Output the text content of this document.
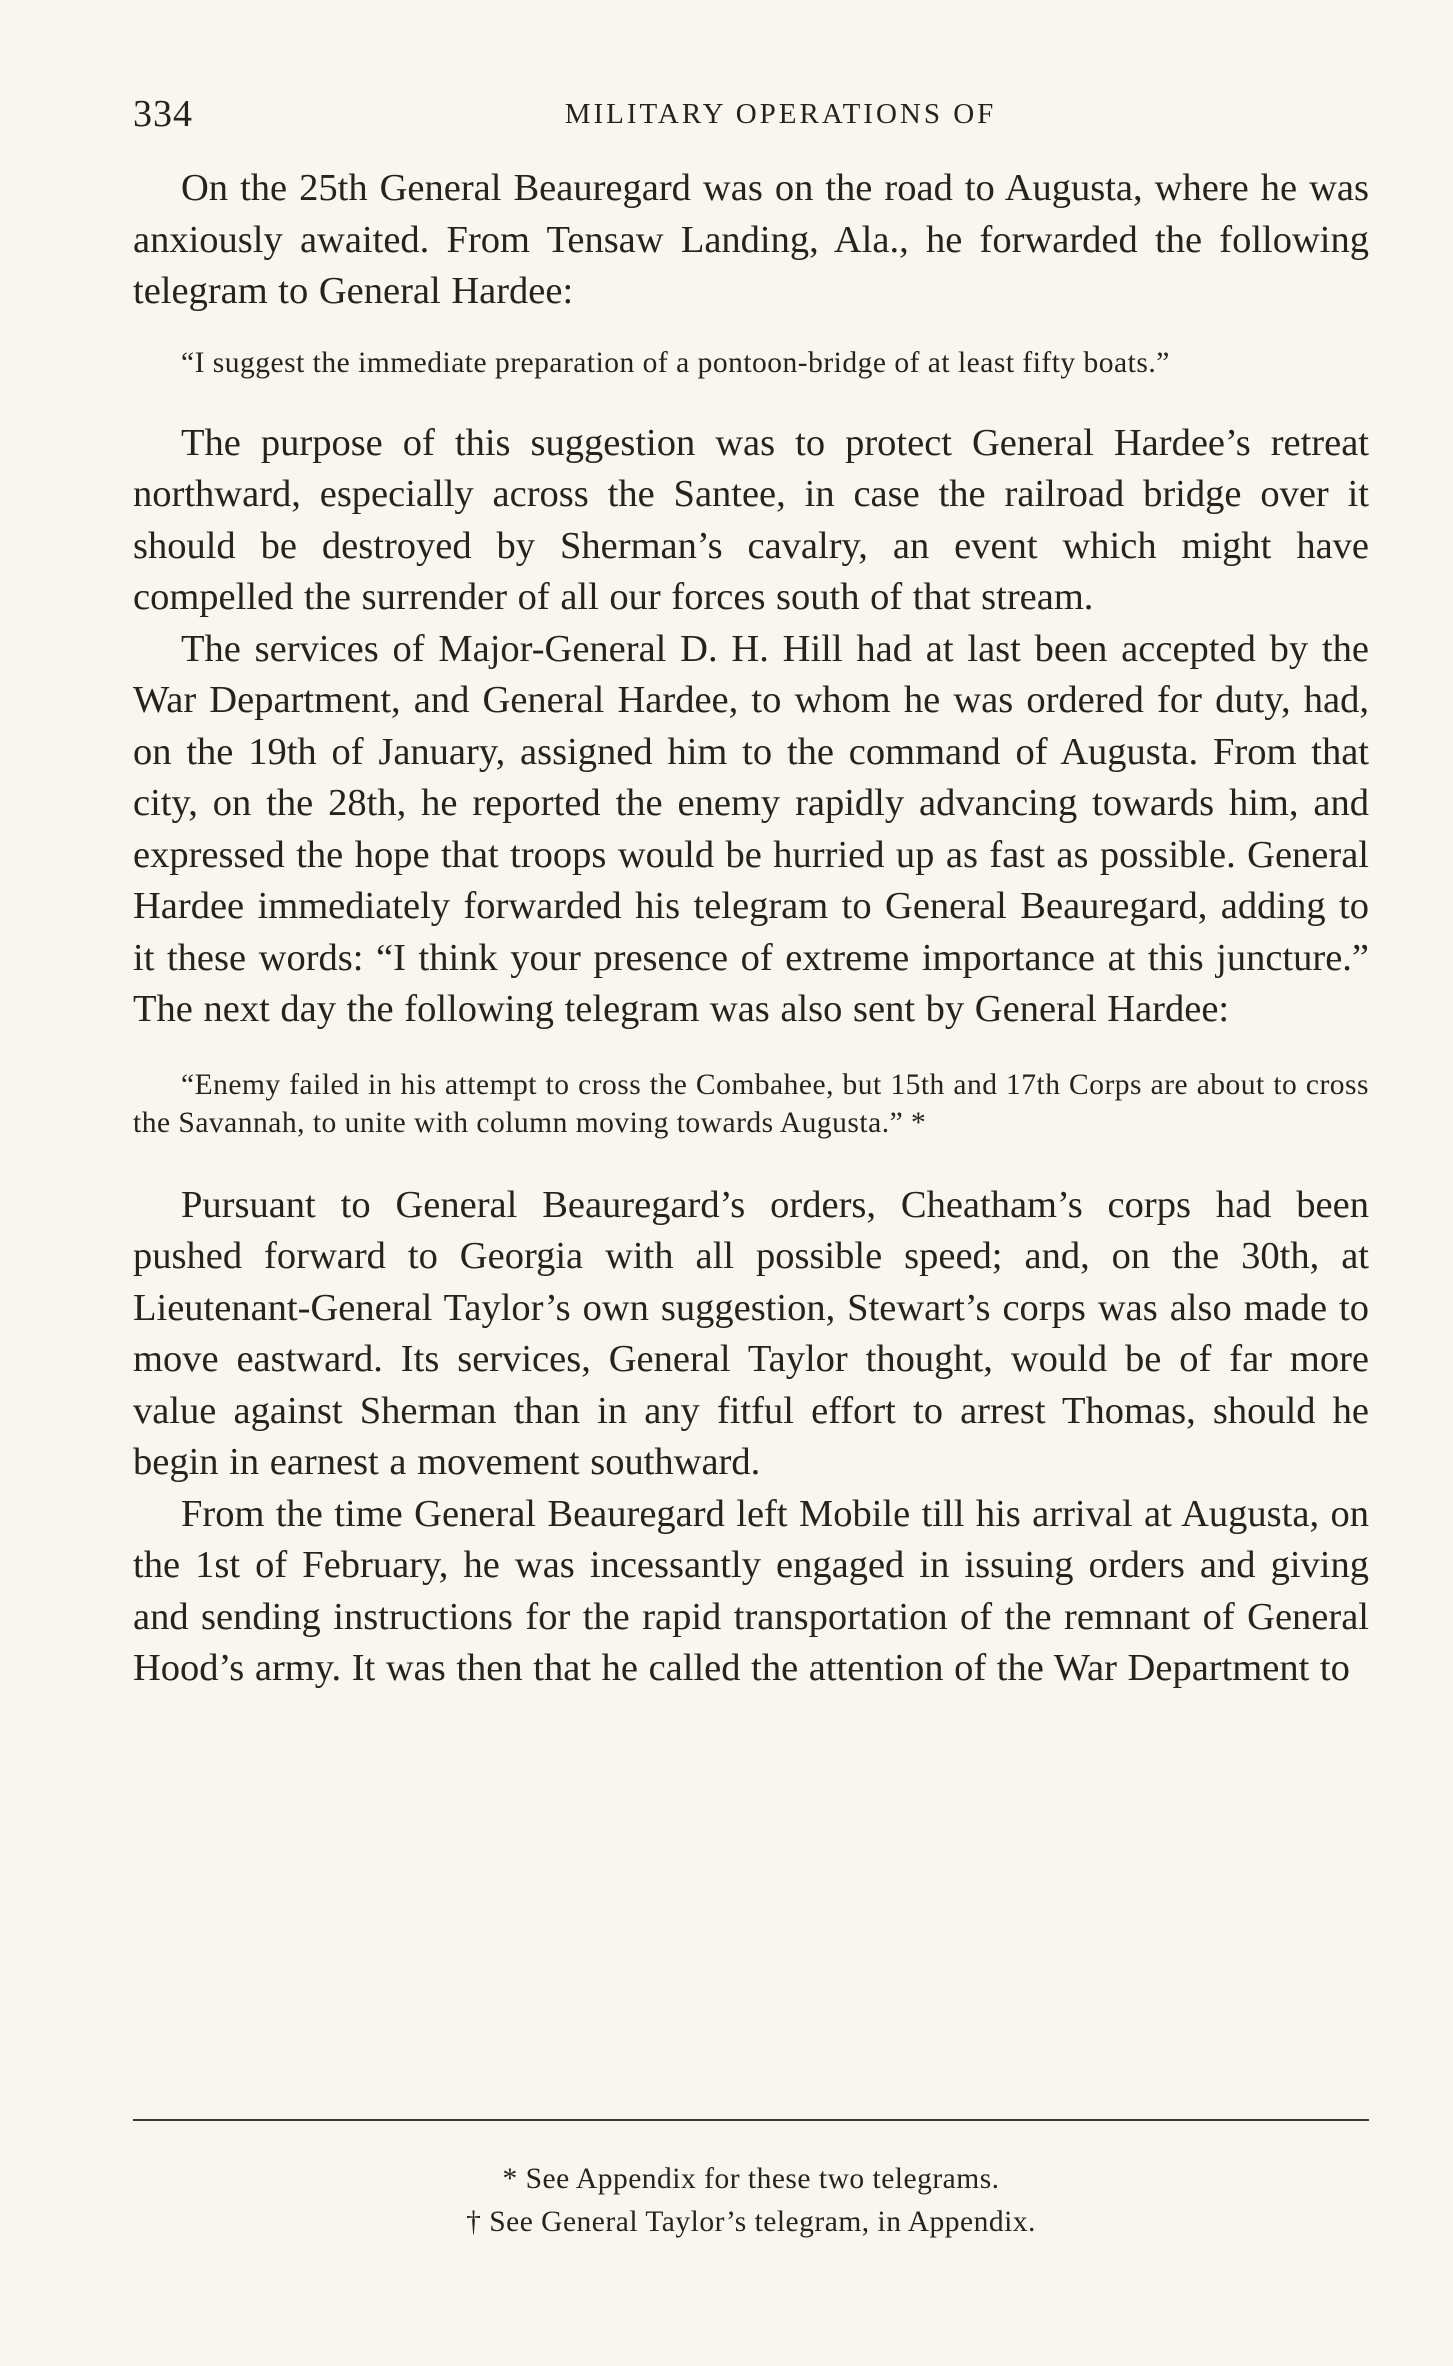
334	MILITARY OPERATIONS OF

On the 25th General Beauregard was on the road to Augusta, where he was anxiously awaited. From Tensaw Landing, Ala., he forwarded the following telegram to General Hardee:

“I suggest the immediate preparation of a pontoon-bridge of at least fifty boats.”

The purpose of this suggestion was to protect General Hardee’s retreat northward, especially across the Santee, in case the railroad bridge over it should be destroyed by Sherman’s cavalry, an event which might have compelled the surrender of all our forces south of that stream.

The services of Major-General D. H. Hill had at last been accepted by the War Department, and General Hardee, to whom he was ordered for duty, had, on the 19th of January, assigned him to the command of Augusta. From that city, on the 28th, he reported the enemy rapidly advancing towards him, and expressed the hope that troops would be hurried up as fast as possible. General Hardee immediately forwarded his telegram to General Beauregard, adding to it these words: “I think your presence of extreme importance at this juncture.” The next day the following telegram was also sent by General Hardee:

“Enemy failed in his attempt to cross the Combahee, but 15th and 17th Corps are about to cross the Savannah, to unite with column moving towards Augusta.” *

Pursuant to General Beauregard’s orders, Cheatham’s corps had been pushed forward to Georgia with all possible speed; and, on the 30th, at Lieutenant-General Taylor’s own suggestion, Stewart’s corps was also made to move eastward. Its services, General Taylor thought, would be of far more value against Sherman than in any fitful effort to arrest Thomas, should he begin in earnest a movement southward.

From the time General Beauregard left Mobile till his arrival at Augusta, on the 1st of February, he was incessantly engaged in issuing orders and giving and sending instructions for the rapid transportation of the remnant of General Hood’s army. It was then that he called the attention of the War Department to

* See Appendix for these two telegrams.
† See General Taylor’s telegram, in Appendix.
